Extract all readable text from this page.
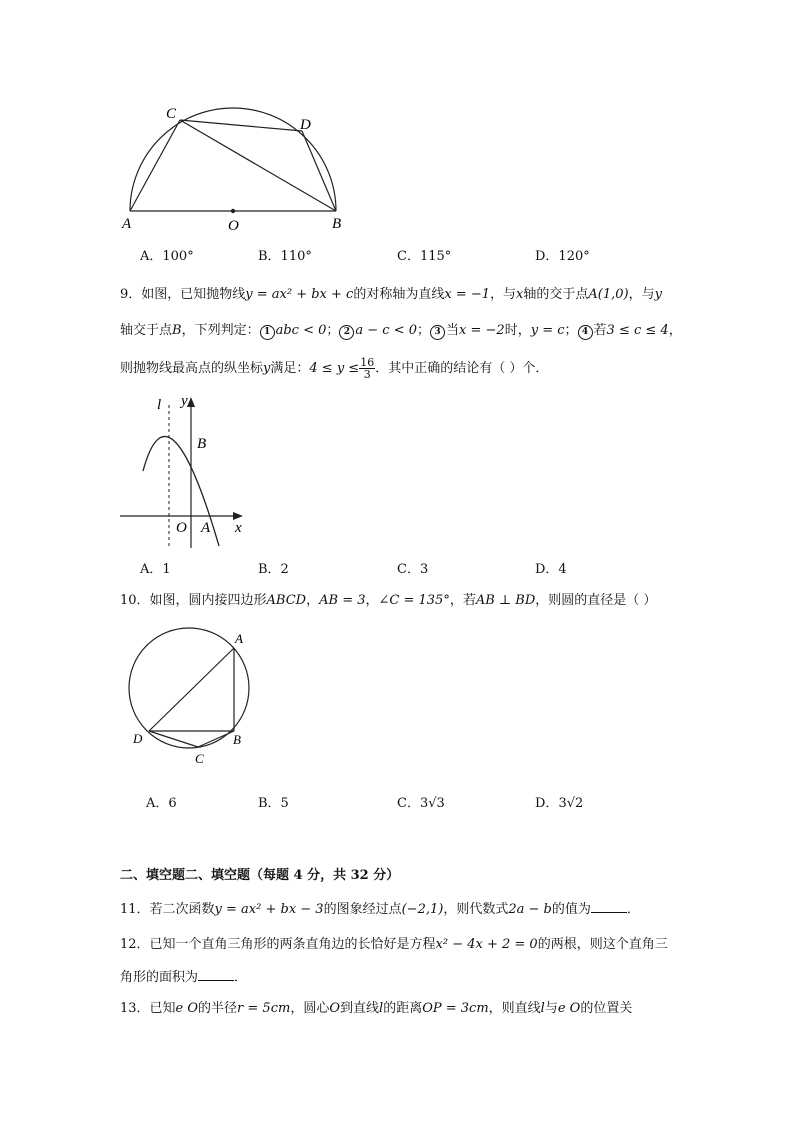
C
D
A	B
O
A．100°	B．110°	C．115°	D．120°
9．如图，已知抛物线y = ax² + bx + c的对称轴为直线x = −1，与x轴的交于点A(1,0)，与y
轴交于点B，下列判定： 1 abc < 0； 2 a − c < 0； 3 当x = −2时，y = c； 4 若3 ≤ c ≤ 4，
则抛物线最高点的纵坐标y满足：$4 \le y \le \frac{16}{3}$ ．其中正确的结论有（ ）个．
l y
B
O A x
A．1	B．2	C．3	D．4
10．如图，圆内接四边形ABCD，AB = 3，∠C = 135°，若AB ⊥ BD，则圆的直径是（ ）
A
B
C
D
A．6	B．5	C．3√3	D．3√2
二、填空题二、填空题（每题 4 分，共 32 分）
11．若二次函数y = ax² + bx − 3的图象经过点(−2,1)，则代数式2a − b的值为	．
12．已知一个直角三角形的两条直角边的长恰好是方程x² − 4x + 2 = 0的两根，则这个直角三
角形的面积为	．
13．已知e O的半径r = 5cm，圆心O到直线l的距离OP = 3cm，则直线l与e O的位置关
